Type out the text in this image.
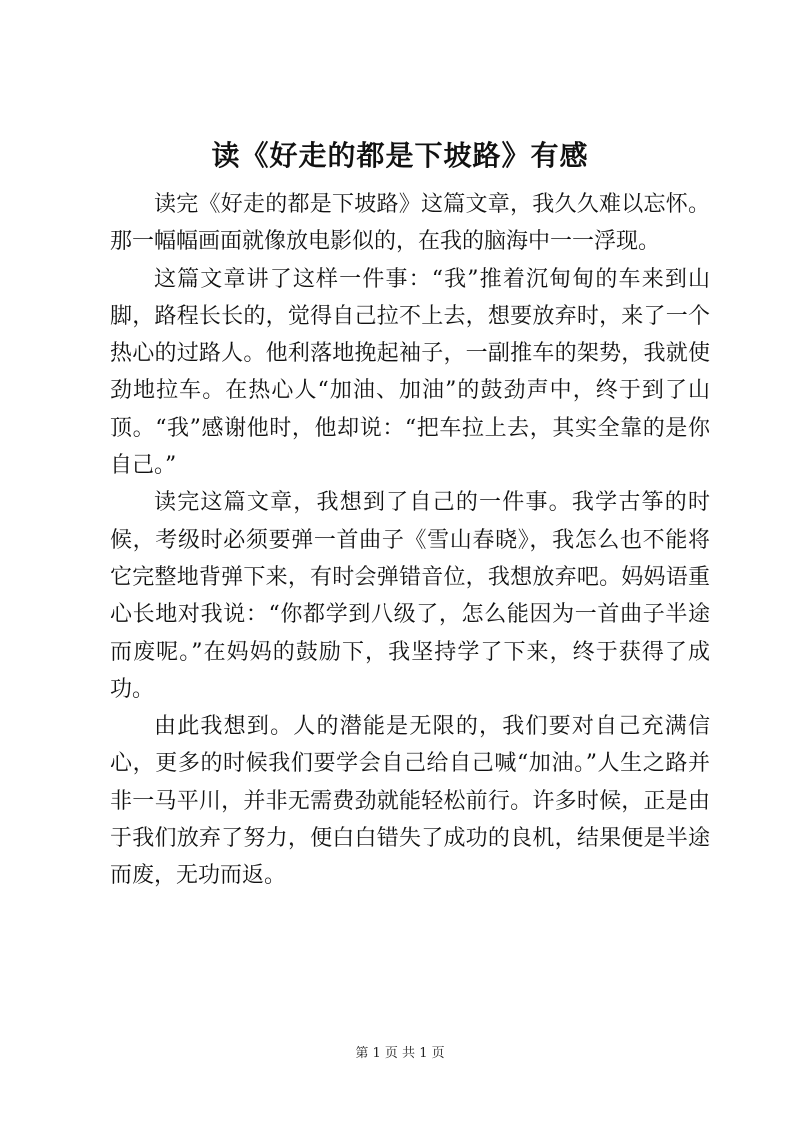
读《好走的都是下坡路》有感

读完《好走的都是下坡路》这篇文章，我久久难以忘怀。那一幅幅画面就像放电影似的，在我的脑海中一一浮现。

这篇文章讲了这样一件事：“我”推着沉甸甸的车来到山脚，路程长长的，觉得自己拉不上去，想要放弃时，来了一个热心的过路人。他利落地挽起袖子，一副推车的架势，我就使劲地拉车。在热心人“加油、加油”的鼓劲声中，终于到了山顶。“我”感谢他时，他却说：“把车拉上去，其实全靠的是你自己。”

读完这篇文章，我想到了自己的一件事。我学古筝的时候，考级时必须要弹一首曲子《雪山春晓》，我怎么也不能将它完整地背弹下来，有时会弹错音位，我想放弃吧。妈妈语重心长地对我说：“你都学到八级了，怎么能因为一首曲子半途而废呢。”在妈妈的鼓励下，我坚持学了下来，终于获得了成功。

由此我想到。人的潜能是无限的，我们要对自己充满信心，更多的时候我们要学会自己给自己喊“加油。”人生之路并非一马平川，并非无需费劲就能轻松前行。许多时候，正是由于我们放弃了努力，便白白错失了成功的良机，结果便是半途而废，无功而返。

第 1 页 共 1 页
